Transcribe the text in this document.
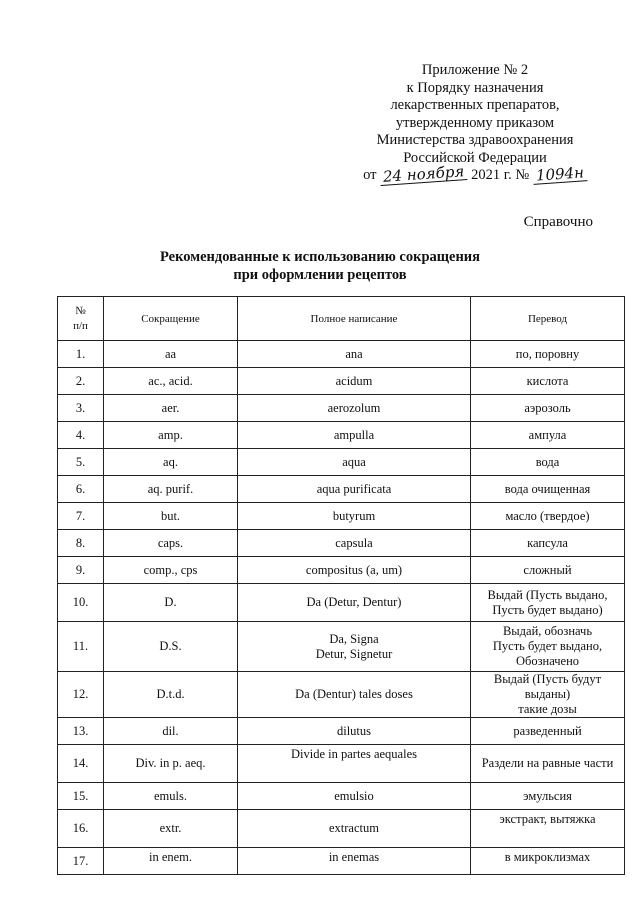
Приложение № 2
к Порядку назначения
лекарственных препаратов,
утвержденному приказом
Министерства здравоохранения
Российской Федерации
от 24 ноября 2021 г. № 1094н
Справочно
Рекомендованные к использованию сокращения
при оформлении рецептов
№
п/п	Сокращение	Полное написание	Перевод
1.	aa	ana	по, поровну
2.	ac., acid.	acidum	кислота
3.	aer.	aerozolum	аэрозоль
4.	amp.	ampulla	ампула
5.	aq.	aqua	вода
6.	aq. purif.	aqua purificata	вода очищенная
7.	but.	butyrum	масло (твердое)
8.	caps.	capsula	капсула
9.	comp., cps	compositus (a, um)	сложный
10.	D.	Da (Detur, Dentur)	Выдай (Пусть выдано,
Пусть будет выдано)
11.	D.S.	Da, Signa
Detur, Signetur	Выдай, обозначь
Пусть будет выдано,
Обозначено
12.	D.t.d.	Da (Dentur) tales doses	Выдай (Пусть будут выданы)
такие дозы
13.	dil.	dilutus	разведенный
14.	Div. in p. aeq.	Divide in partes aequales	Раздели на равные части
15.	emuls.	emulsio	эмульсия
16.	extr.	extractum	экстракт, вытяжка
17.	in enem.	in enemas	в микроклизмах
